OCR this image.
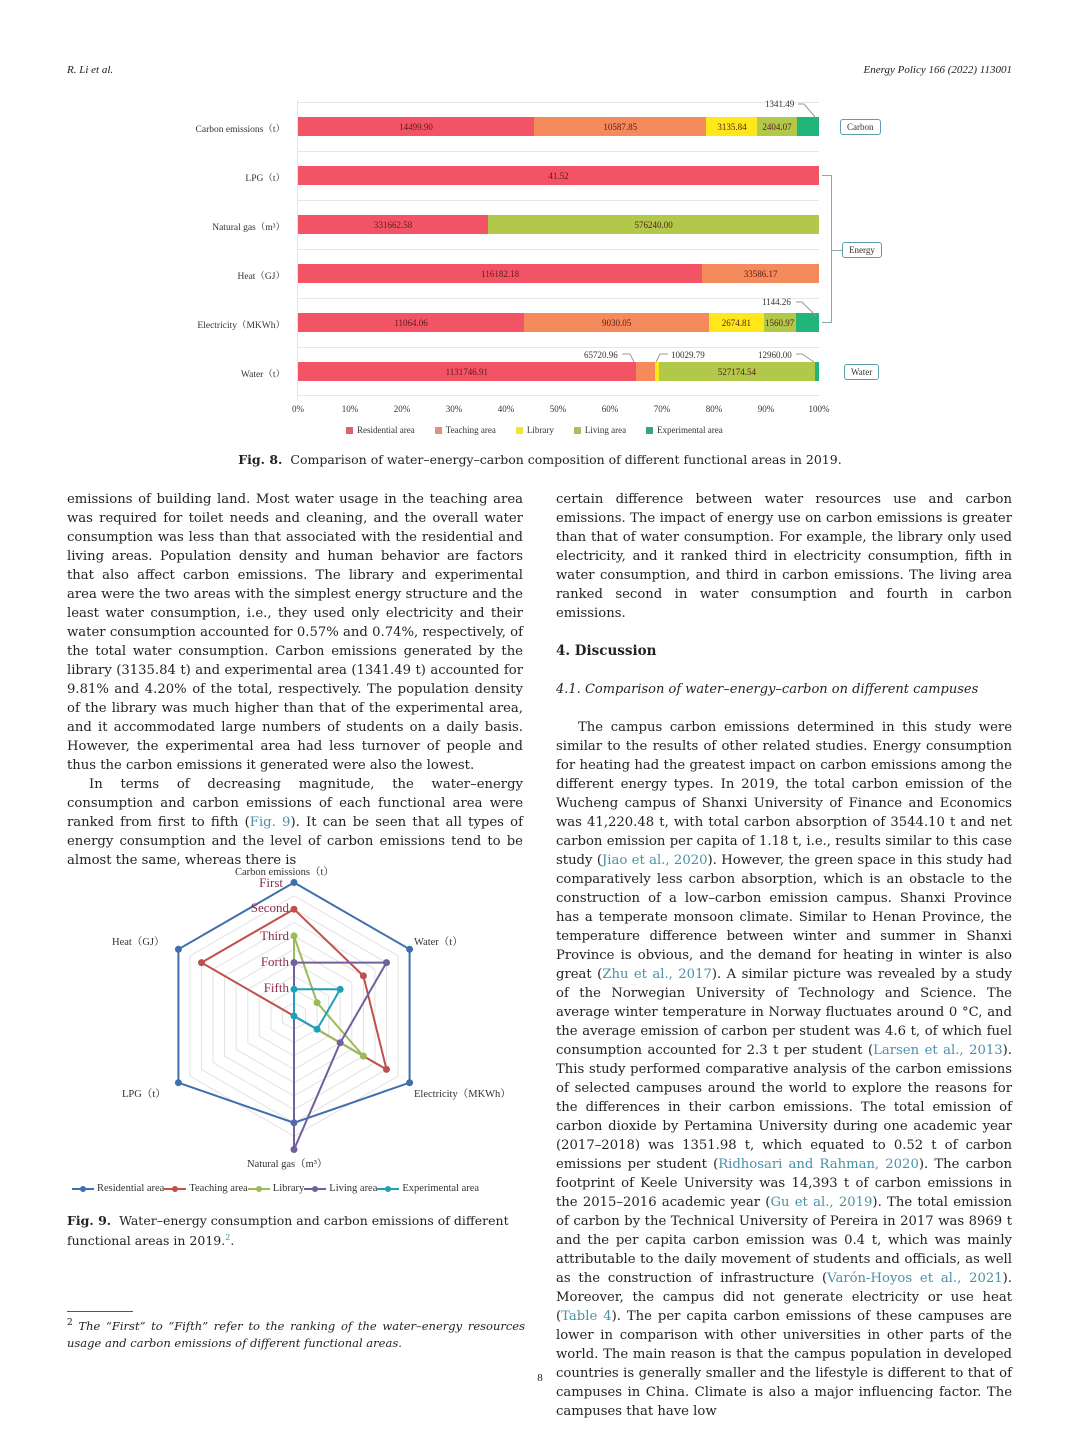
R. Li et al.	Energy Policy 166 (2022) 113001
Carbon emissions（t）	14499.90	10587.85	3135.84	2404.07
1341.49
LPG（t）	41.52
Natural gas（m³）	331662.58	576240.00
Heat（GJ）	116182.18	33586.17
Electricity（MKWh）	11064.06	9030.05	2674.81	1560.97
1144.26
Water（t）	1131746.91	527174.54
65720.96	10029.79	12960.00
Carbon
Energy
Water
0%	10%	20%	30%	40%	50%	60%	70%	80%	90%	100%
Residential area	Teaching area	Library	Living area	Experimental area
Fig. 8. Comparison of water–energy–carbon composition of different functional areas in 2019.

emissions of building land. Most water usage in the teaching area was required for toilet needs and cleaning, and the overall water consumption was less than that associated with the residential and living areas. Population density and human behavior are factors that also affect carbon emissions. The library and experimental area were the two areas with the simplest energy structure and the least water consumption, i.e., they used only electricity and their water consumption accounted for 0.57% and 0.74%, respectively, of the total water consumption. Carbon emissions generated by the library (3135.84 t) and experimental area (1341.49 t) accounted for 9.81% and 4.20% of the total, respectively. The population density of the library was much higher than that of the experimental area, and it accommodated large numbers of students on a daily basis. However, the experimental area had less turnover of people and thus the carbon emissions it generated were also the lowest.

In terms of decreasing magnitude, the water–energy consumption and carbon emissions of each functional area were ranked from first to fifth (Fig. 9). It can be seen that all types of energy consumption and the level of carbon emissions tend to be almost the same, whereas there is

Carbon emissions（t）
Water（t）
Electricity（MKWh）
Natural gas（m³）
LPG（t）
Heat（GJ）
First
Second
Third
Forth
Fifth
Residential area Teaching area Library Living area Experimental area
Fig. 9. Water–energy consumption and carbon emissions of different functional areas in 2019.$^2$.
$^2$ The “First” to “Fifth” refer to the ranking of the water–energy resources usage and carbon emissions of different functional areas.

certain difference between water resources use and carbon emissions. The impact of energy use on carbon emissions is greater than that of water consumption. For example, the library only used electricity, and it ranked third in electricity consumption, fifth in water consumption, and third in carbon emissions. The living area ranked second in water consumption and fourth in carbon emissions.

4. Discussion

4.1. Comparison of water–energy–carbon on different campuses

The campus carbon emissions determined in this study were similar to the results of other related studies. Energy consumption for heating had the greatest impact on carbon emissions among the different energy types. In 2019, the total carbon emission of the Wucheng campus of Shanxi University of Finance and Economics was 41,220.48 t, with total carbon absorption of 3544.10 t and net carbon emission per capita of 1.18 t, i.e., results similar to this case study (Jiao et al., 2020). However, the green space in this study had comparatively less carbon absorption, which is an obstacle to the construction of a low–carbon emission campus. Shanxi Province has a temperate monsoon climate. Similar to Henan Province, the temperature difference between winter and summer in Shanxi Province is obvious, and the demand for heating in winter is also great (Zhu et al., 2017). A similar picture was revealed by a study of the Norwegian University of Technology and Science. The average winter temperature in Norway fluctuates around 0 °C, and the average emission of carbon per student was 4.6 t, of which fuel consumption accounted for 2.3 t per student (Larsen et al., 2013). This study performed comparative analysis of the carbon emissions of selected campuses around the world to explore the reasons for the differences in their carbon emissions. The total emission of carbon dioxide by Pertamina University during one academic year (2017–2018) was 1351.98 t, which equated to 0.52 t of carbon emissions per student (Ridhosari and Rahman, 2020). The carbon footprint of Keele University was 14,393 t of carbon emissions in the 2015–2016 academic year (Gu et al., 2019). The total emission of carbon by the Technical University of Pereira in 2017 was 8969 t and the per capita carbon emission was 0.4 t, which was mainly attributable to the daily movement of students and officials, as well as the construction of infrastructure (Varón-Hoyos et al., 2021). Moreover, the campus did not generate electricity or use heat (Table 4). The per capita carbon emissions of these campuses are lower in comparison with other universities in other parts of the world. The main reason is that the campus population in developed countries is generally smaller and the lifestyle is different to that of campuses in China. Climate is also a major influencing factor. The campuses that have low

8
